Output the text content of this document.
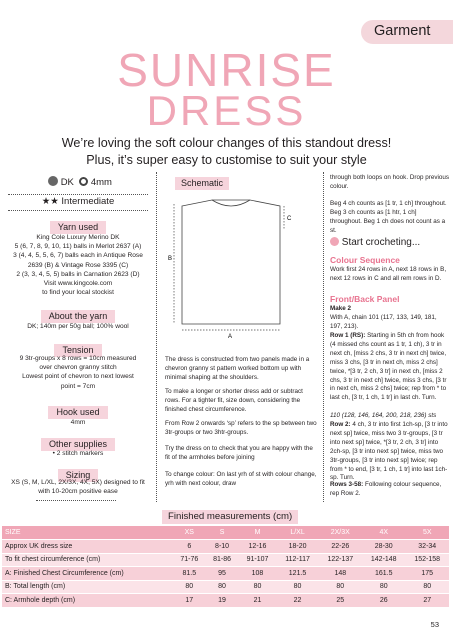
Garment
SUNRISE
DRESS
We’re loving the soft colour changes of this standout dress!
Plus, it’s super easy to customise to suit your style
DK 4mm
★★ Intermediate
Yarn used
King Cole Luxury Merino DK
5 (6, 7, 8, 9, 10, 11) balls in Merlot 2637 (A)
3 (4, 4, 5, 5, 6, 7) balls each in Antique Rose
2639 (B) & Vintage Rose 3395 (C)
2 (3, 3, 4, 5, 5) balls in Carnation 2623 (D)
Visit www.kingcole.com
to find your local stockist
About the yarn
DK; 140m per 50g ball; 100% wool
Tension
9 3tr-groups x 8 rows = 10cm measured
over chevron granny stitch
Lowest point of chevron to next lowest
point = 7cm
Hook used
4mm
Other supplies
• 2 stitch markers
Sizing
XS (S, M, L/XL, 2X/3X, 4X, 5X) designed to fit
with 10-20cm positive ease
Schematic
B
C
A
The dress is constructed from two panels made in a chevron granny st pattern worked bottom up with minimal shaping at the shoulders.
To make a longer or shorter dress add or subtract rows. For a tighter fit, size down, considering the finished chest circumference.
From Row 2 onwards ‘sp’ refers to the sp between two 3tr-groups or two 3htr-groups.
Try the dress on to check that you are happy with the fit of the armholes before joining
To change colour: On last yrh of st with colour change, yrh with next colour, draw
through both loops on hook. Drop previous colour.
Beg 4 ch counts as [1 tr, 1 ch] throughout. Beg 3 ch counts as [1 htr, 1 ch] throughout. Beg 1 ch does not count as a st.
Start crocheting...
Colour Sequence
Work first 24 rows in A, next 18 rows in B, next 12 rows in C and all rem rows in D.
Front/Back Panel
Make 2
With A, chain 101 (117, 133, 149, 181, 197, 213).
Row 1 (RS): Starting in 5th ch from hook (4 missed chs count as 1 tr, 1 ch), 3 tr in next ch, [miss 2 chs, 3 tr in next ch] twice, miss 3 chs, [3 tr in next ch, miss 2 chs] twice, *[3 tr, 2 ch, 3 tr] in next ch, [miss 2 chs, 3 tr in next ch] twice, miss 3 chs, [3 tr in next ch, miss 2 chs] twice; rep from * to last ch, [3 tr, 1 ch, 1 tr] in last ch. Turn.
110 (128, 146, 164, 200, 218, 236) sts
Row 2: 4 ch, 3 tr into first 1ch-sp, [3 tr into next sp] twice, miss two 3 tr-groups, [3 tr into next sp] twice, *[3 tr, 2 ch, 3 tr] into 2ch-sp, [3 tr into next sp] twice, miss two 3tr-groups, [3 tr into next sp] twice; rep from * to end, [3 tr, 1 ch, 1 tr] into last 1ch-sp. Turn.
Rows 3-58: Following colour sequence, rep Row 2.
Finished measurements (cm)
SIZE	XS	S	M	L/XL	2X/3X	4X	5X
Approx UK dress size	6	8-10	12-16	18-20	22-26	28-30	32-34
To fit chest circumference (cm)	71-76	81-86	91-107	112-117	122-137	142-148	152-158
A: Finished Chest Circumference (cm)	81.5	95	108	121.5	148	161.5	175
B: Total length (cm)	80	80	80	80	80	80	80
C: Armhole depth (cm)	17	19	21	22	25	26	27
53
